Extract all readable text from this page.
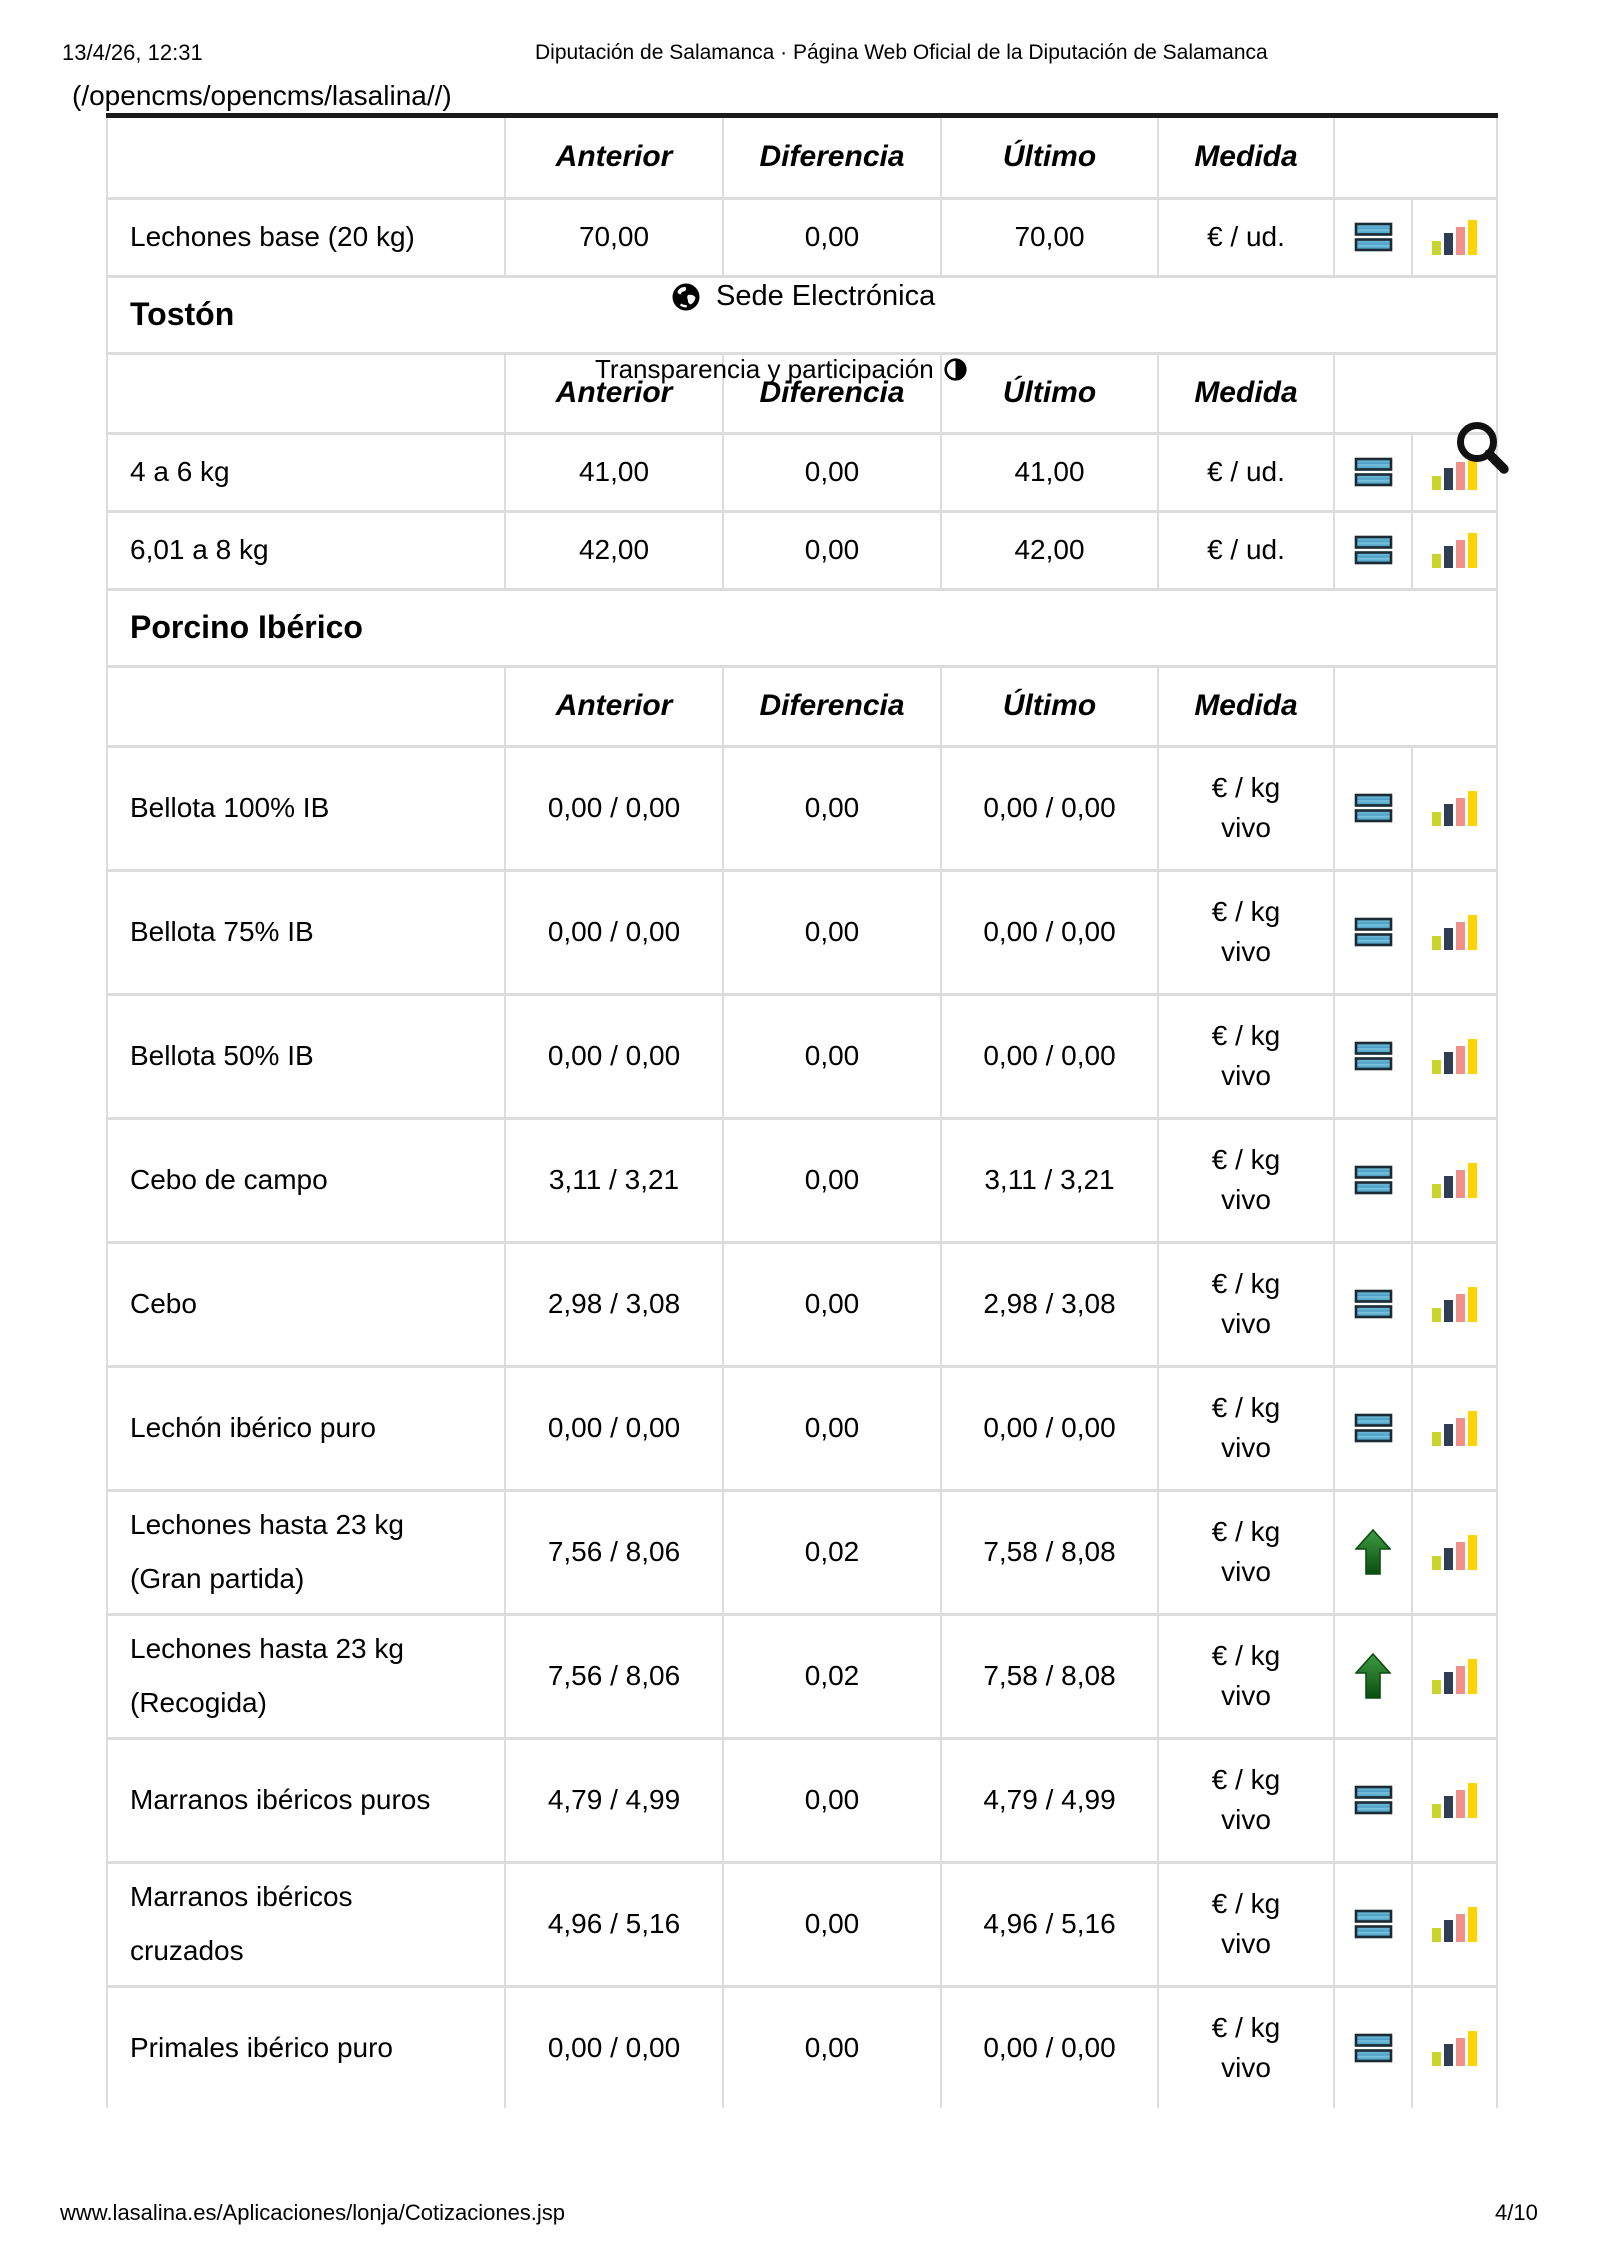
13/4/26, 12:31	Diputación de Salamanca · Página Web Oficial de la Diputación de Salamanca
(/opencms/opencms/lasalina//)
	Anterior	Diferencia	Último	Medida		
Lechones base (20 kg)	70,00	0,00	70,00	€ / ud.

Tostón						
	Anterior	Diferencia	Último	Medida		
4 a 6 kg	41,00	0,00	41,00	€ / ud.

6,01 a 8 kg	42,00	0,00	42,00	€ / ud.

Porcino Ibérico						
	Anterior	Diferencia	Último	Medida		
Bellota 100% IB	0,00 / 0,00	0,00	0,00 / 0,00	€ / kg
vivo

Bellota 75% IB	0,00 / 0,00	0,00	0,00 / 0,00	€ / kg
vivo

Bellota 50% IB	0,00 / 0,00	0,00	0,00 / 0,00	€ / kg
vivo

Cebo de campo	3,11 / 3,21	0,00	3,11 / 3,21	€ / kg
vivo

Cebo	2,98 / 3,08	0,00	2,98 / 3,08	€ / kg
vivo

Lechón ibérico puro	0,00 / 0,00	0,00	0,00 / 0,00	€ / kg
vivo

Lechones hasta 23 kg (Gran partida)	7,56 / 8,06	0,02	7,58 / 8,08	€ / kg
vivo

Lechones hasta 23 kg (Recogida)	7,56 / 8,06	0,02	7,58 / 8,08	€ / kg
vivo

Marranos ibéricos puros	4,79 / 4,99	0,00	4,79 / 4,99	€ / kg
vivo

Marranos ibéricos cruzados	4,96 / 5,16	0,00	4,96 / 5,16	€ / kg
vivo

Primales ibérico puro	0,00 / 0,00	0,00	0,00 / 0,00	€ / kg
vivo

Sede Electrónica
Transparencia y participación
www.lasalina.es/Aplicaciones/lonja/Cotizaciones.jsp	4/10
